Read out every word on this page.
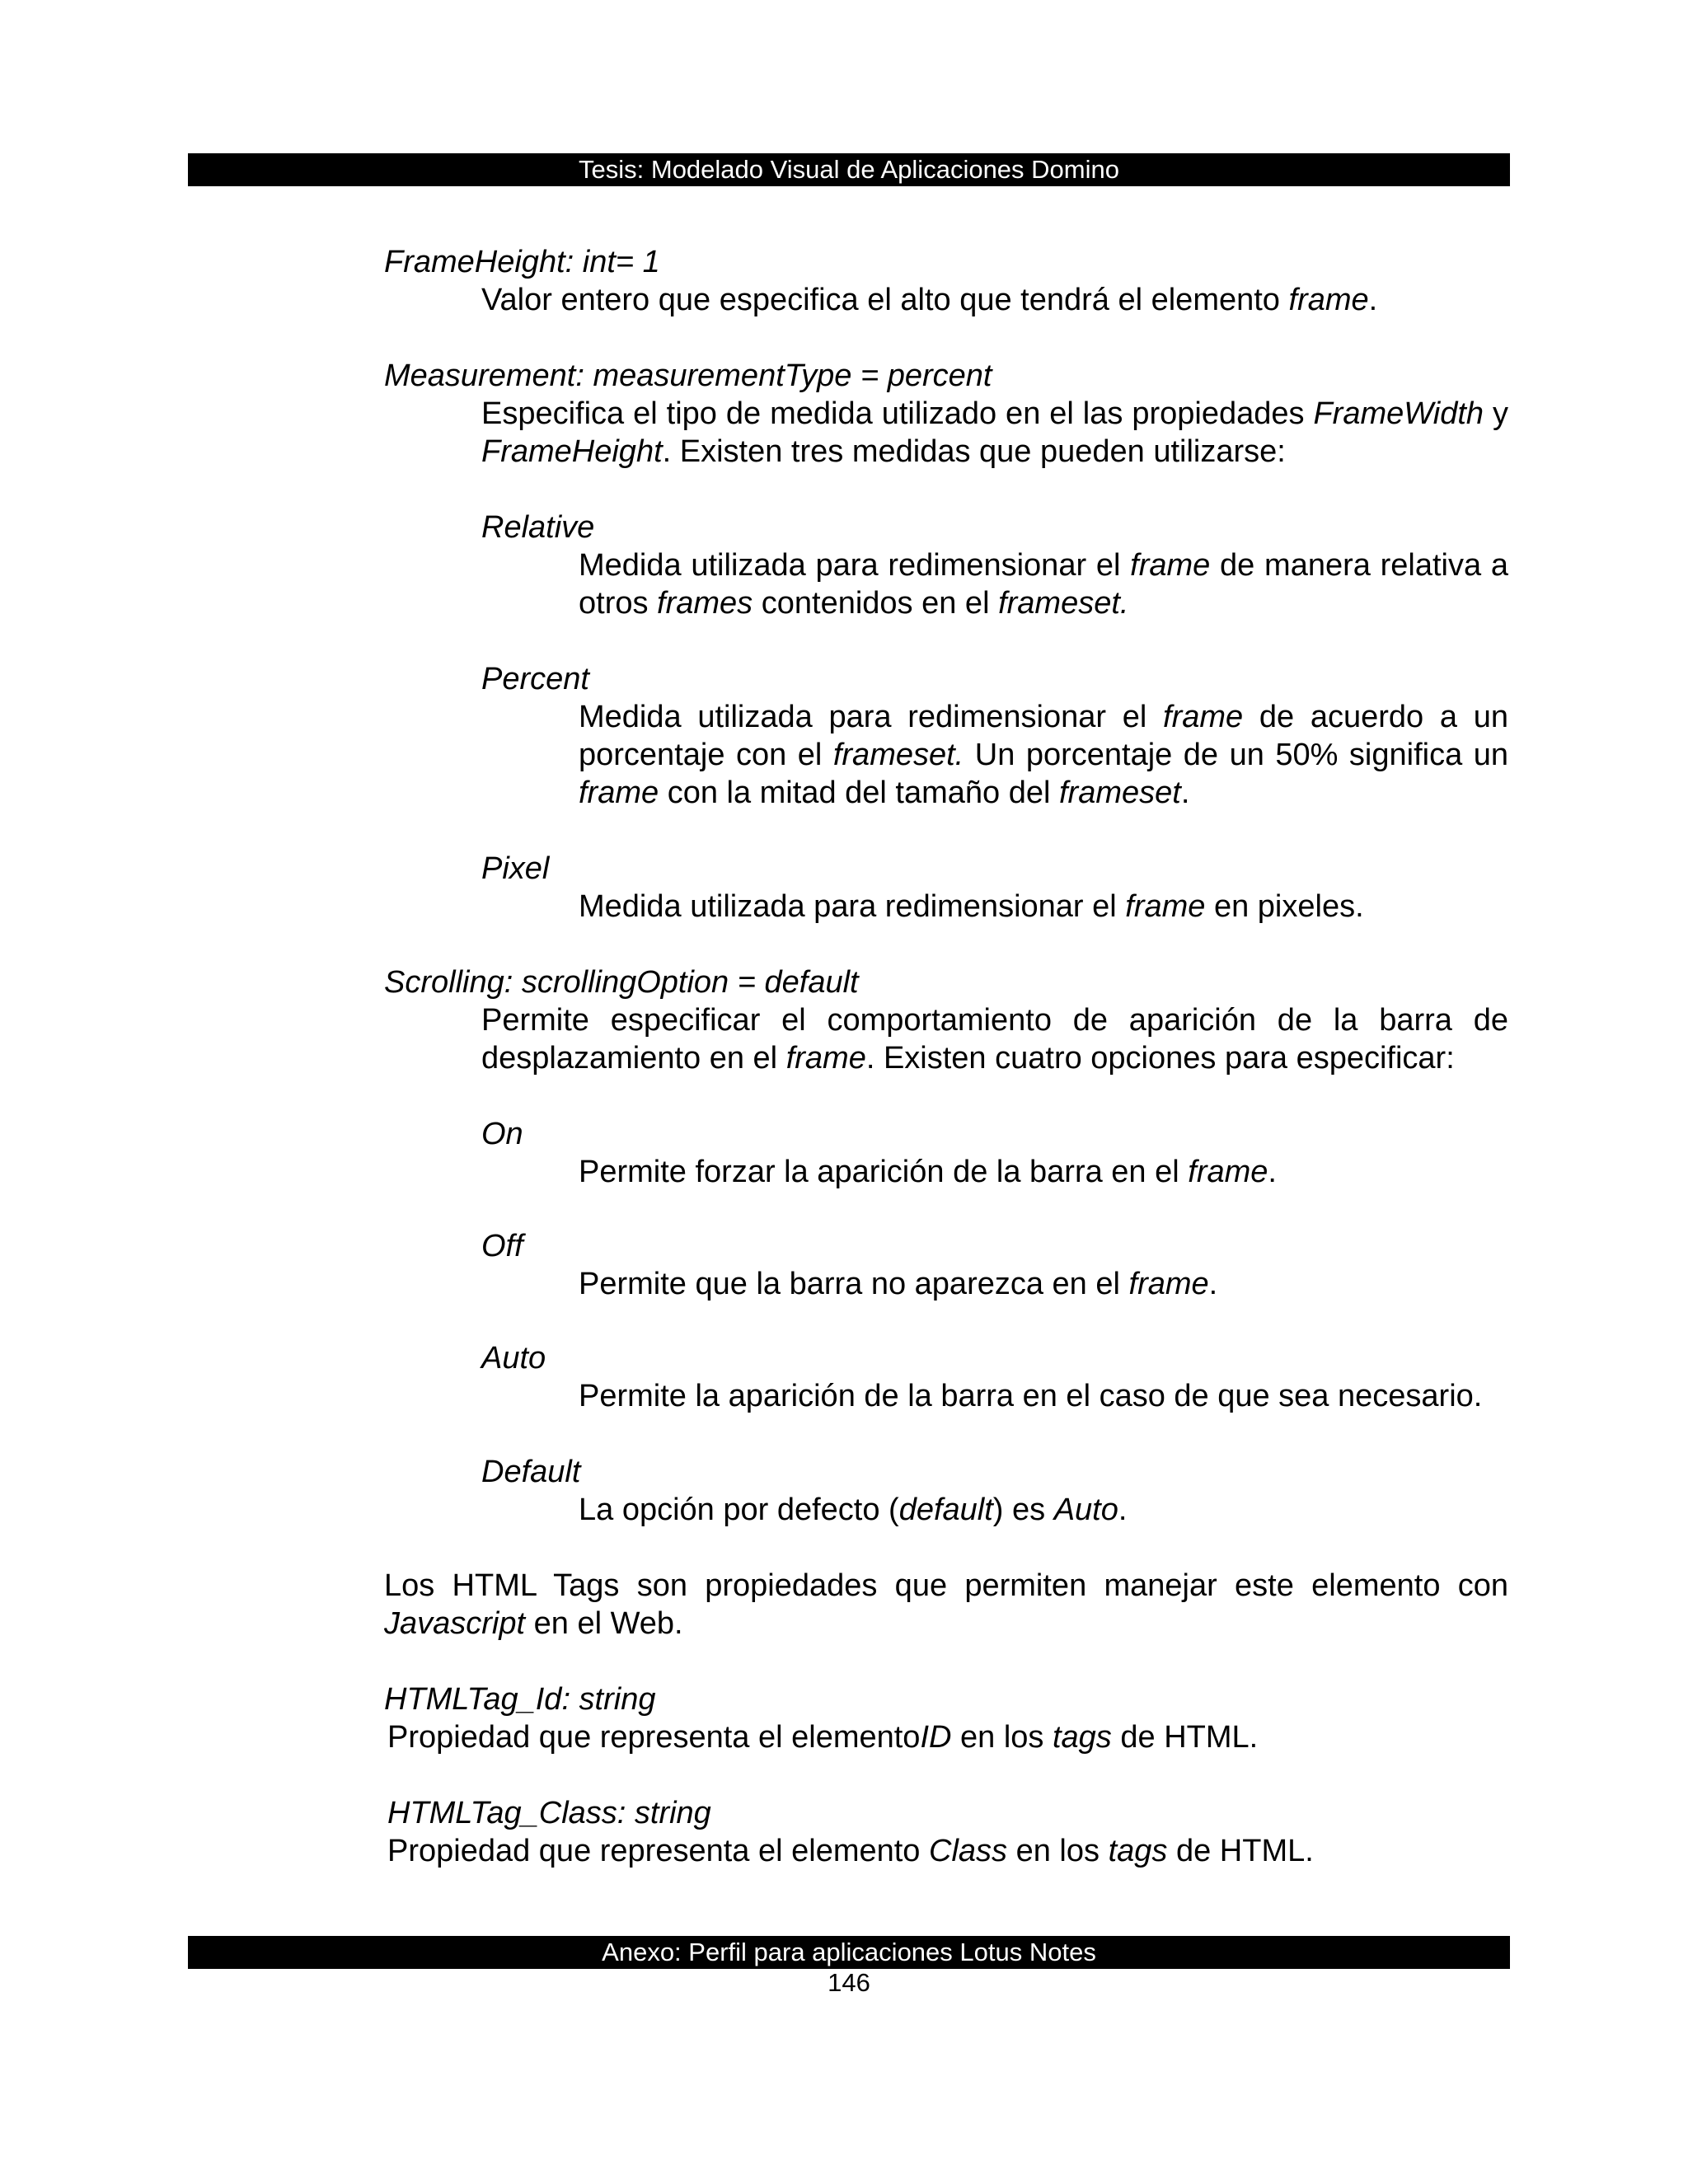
Tesis: Modelado Visual de Aplicaciones Domino

FrameHeight: int= 1

Valor entero que especifica el alto que tendrá el elemento frame.

Measurement: measurementType = percent

Especifica el tipo de medida utilizado en el las propiedades FrameWidth y FrameHeight. Existen tres medidas que pueden utilizarse:

Relative

Medida utilizada para redimensionar el frame de manera relativa a otros frames contenidos en el frameset.

Percent

Medida utilizada para redimensionar el frame de acuerdo a un porcentaje con el frameset. Un porcentaje de un 50% significa un frame con la mitad del tamaño del frameset.

Pixel

Medida utilizada para redimensionar el frame en pixeles.

Scrolling: scrollingOption = default

Permite especificar el comportamiento de aparición de la barra de desplazamiento en el frame. Existen cuatro opciones para especificar:

On

Permite forzar la aparición de la barra en el frame.

Off

Permite que la barra no aparezca en el frame.

Auto

Permite la aparición de la barra en el caso de que sea necesario.

Default

La opción por defecto (default) es Auto.

Los HTML Tags son propiedades que permiten manejar este elemento con Javascript en el Web.

HTMLTag_Id: string

Propiedad que representa el elementoID en los tags de HTML.

HTMLTag_Class: string

Propiedad que representa el elemento Class en los tags de HTML.

Anexo: Perfil para aplicaciones Lotus Notes
146
